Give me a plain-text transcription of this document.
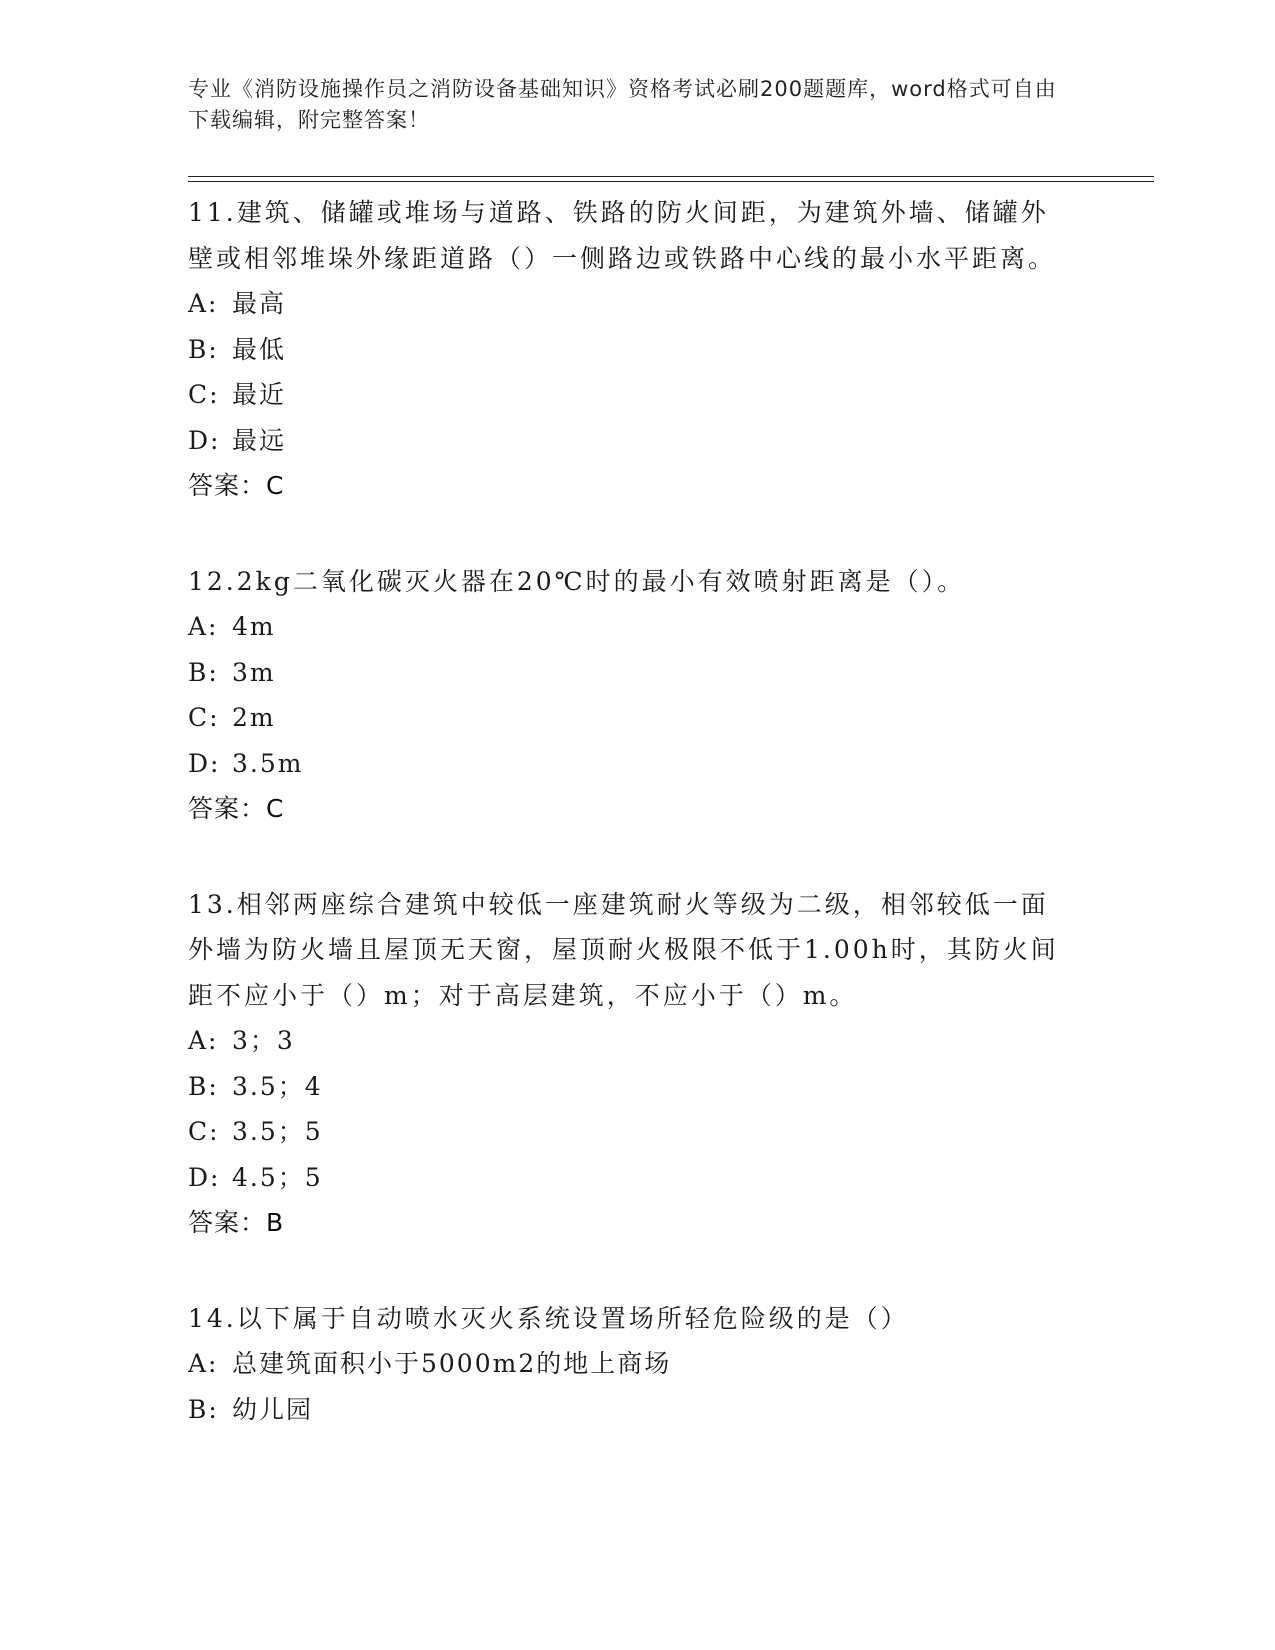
专业《消防设施操作员之消防设备基础知识》资格考试必刷200题题库，word格式可自由下载编辑，附完整答案！

11.建筑、储罐或堆场与道路、铁路的防火间距，为建筑外墙、储罐外壁或相邻堆垛外缘距道路（）一侧路边或铁路中心线的最小水平距离。

A: 最高
B: 最低
C: 最近
D: 最远
答案：C

12.2kg二氧化碳灭火器在20℃时的最小有效喷射距离是（）。

A: 4m
B: 3m
C: 2m
D: 3.5m
答案：C

13.相邻两座综合建筑中较低一座建筑耐火等级为二级，相邻较低一面外墙为防火墙且屋顶无天窗，屋顶耐火极限不低于1.00h时，其防火间距不应小于（）m；对于高层建筑，不应小于（）m。

A: 3；3
B: 3.5；4
C: 3.5；5
D: 4.5；5
答案：B

14.以下属于自动喷水灭火系统设置场所轻危险级的是（）

A: 总建筑面积小于5000m2的地上商场
B: 幼儿园
